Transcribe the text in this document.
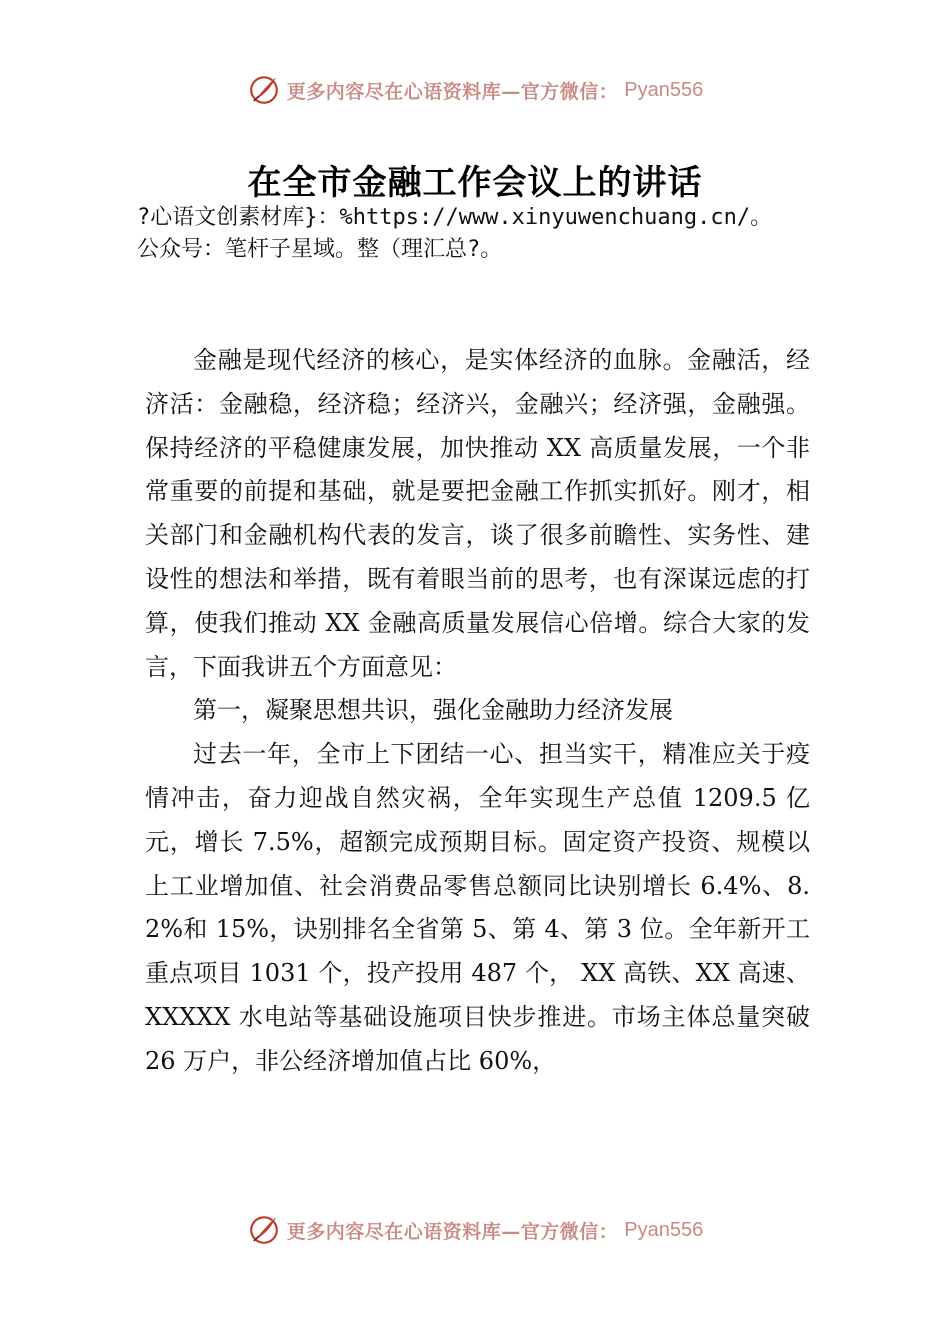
更多内容尽在心语资料库—官方微信： Pyan556
在全市金融工作会议上的讲话
?心语文创素材库}：%https://www.xinyuwenchuang.cn/。
公众号：笔杆子星域。整（理汇总?。

金融是现代经济的核心，是实体经济的血脉。金融活，经济活：金融稳，经济稳；经济兴，金融兴；经济强，金融强。保持经济的平稳健康发展，加快推动 XX 高质量发展，一个非常重要的前提和基础，就是要把金融工作抓实抓好。刚才，相关部门和金融机构代表的发言，谈了很多前瞻性、实务性、建设性的想法和举措，既有着眼当前的思考，也有深谋远虑的打算，使我们推动 XX 金融高质量发展信心倍增。综合大家的发言，下面我讲五个方面意见：

第一，凝聚思想共识，强化金融助力经济发展

过去一年，全市上下团结一心、担当实干，精准应关于疫情冲击，奋力迎战自然灾祸，全年实现生产总值 1209.5 亿元，增长 7.5%，超额完成预期目标。固定资产投资、规模以上工业增加值、社会消费品零售总额同比诀别增长 6.4%、8.2%和 15%，诀别排名全省第 5、第 4、第 3 位。全年新开工重点项目 1031 个，投产投用 487 个， XX 高铁、XX 高速、XXXXX 水电站等基础设施项目快步推进。市场主体总量突破 26 万户，非公经济增加值占比 60%，

更多内容尽在心语资料库—官方微信： Pyan556
